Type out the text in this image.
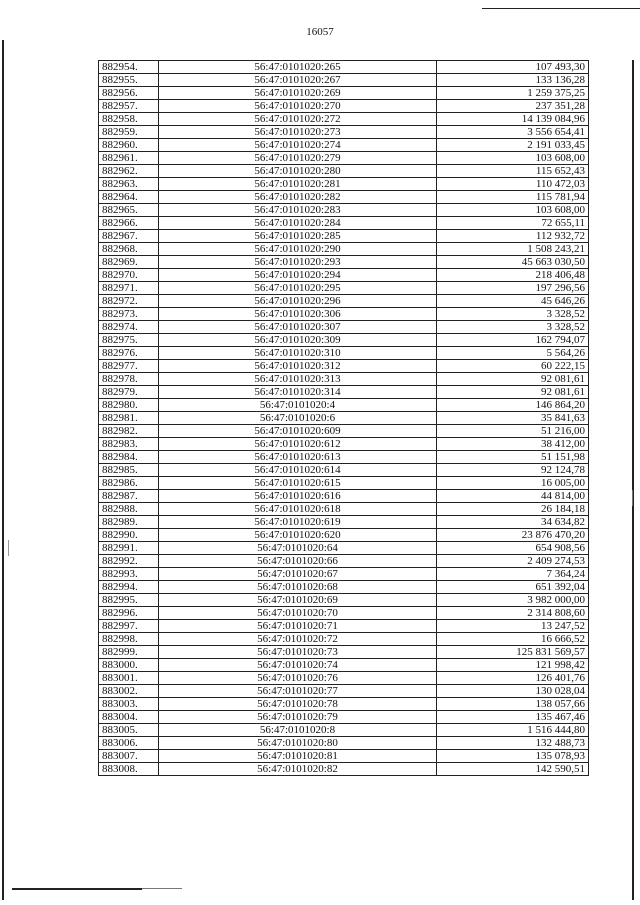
16057
882954.	56:47:0101020:265	107 493,30
882955.	56:47:0101020:267	133 136,28
882956.	56:47:0101020:269	1 259 375,25
882957.	56:47:0101020:270	237 351,28
882958.	56:47:0101020:272	14 139 084,96
882959.	56:47:0101020:273	3 556 654,41
882960.	56:47:0101020:274	2 191 033,45
882961.	56:47:0101020:279	103 608,00
882962.	56:47:0101020:280	115 652,43
882963.	56:47:0101020:281	110 472,03
882964.	56:47:0101020:282	115 781,94
882965.	56:47:0101020:283	103 608,00
882966.	56:47:0101020:284	72 655,11
882967.	56:47:0101020:285	112 932,72
882968.	56:47:0101020:290	1 508 243,21
882969.	56:47:0101020:293	45 663 030,50
882970.	56:47:0101020:294	218 406,48
882971.	56:47:0101020:295	197 296,56
882972.	56:47:0101020:296	45 646,26
882973.	56:47:0101020:306	3 328,52
882974.	56:47:0101020:307	3 328,52
882975.	56:47:0101020:309	162 794,07
882976.	56:47:0101020:310	5 564,26
882977.	56:47:0101020:312	60 222,15
882978.	56:47:0101020:313	92 081,61
882979.	56:47:0101020:314	92 081,61
882980.	56:47:0101020:4	146 864,20
882981.	56:47:0101020:6	35 841,63
882982.	56:47:0101020:609	51 216,00
882983.	56:47:0101020:612	38 412,00
882984.	56:47:0101020:613	51 151,98
882985.	56:47:0101020:614	92 124,78
882986.	56:47:0101020:615	16 005,00
882987.	56:47:0101020:616	44 814,00
882988.	56:47:0101020:618	26 184,18
882989.	56:47:0101020:619	34 634,82
882990.	56:47:0101020:620	23 876 470,20
882991.	56:47:0101020:64	654 908,56
882992.	56:47:0101020:66	2 409 274,53
882993.	56:47:0101020:67	7 364,24
882994.	56:47:0101020:68	651 392,04
882995.	56:47:0101020:69	3 982 000,00
882996.	56:47:0101020:70	2 314 808,60
882997.	56:47:0101020:71	13 247,52
882998.	56:47:0101020:72	16 666,52
882999.	56:47:0101020:73	125 831 569,57
883000.	56:47:0101020:74	121 998,42
883001.	56:47:0101020:76	126 401,76
883002.	56:47:0101020:77	130 028,04
883003.	56:47:0101020:78	138 057,66
883004.	56:47:0101020:79	135 467,46
883005.	56:47:0101020:8	1 516 444,80
883006.	56:47:0101020:80	132 488,73
883007.	56:47:0101020:81	135 078,93
883008.	56:47:0101020:82	142 590,51
